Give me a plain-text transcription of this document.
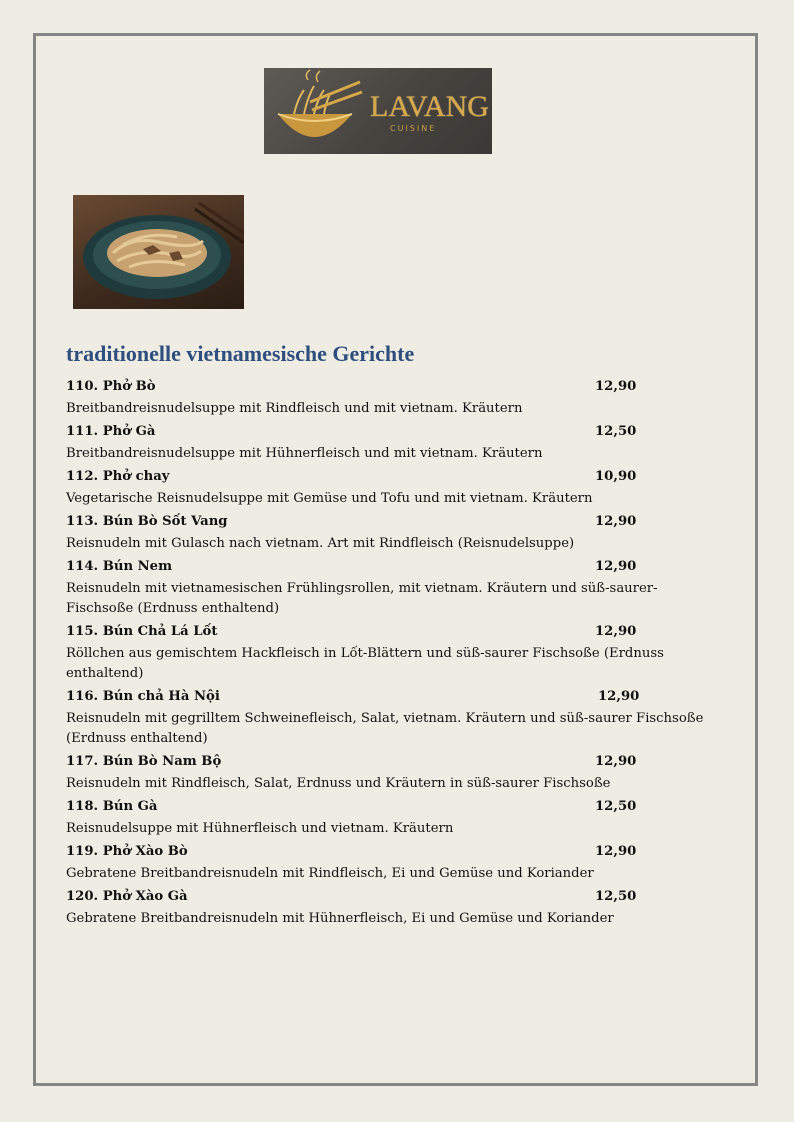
LAVANG
CUISINE
traditionelle vietnamesische Gerichte
110. Phở Bò	12,90
Breitbandreisnudelsuppe mit Rindfleisch und mit vietnam. Kräutern
111. Phở Gà	12,50
Breitbandreisnudelsuppe mit Hühnerfleisch und mit vietnam. Kräutern
112. Phở chay	10,90
Vegetarische Reisnudelsuppe mit Gemüse und Tofu und mit vietnam. Kräutern
113. Bún Bò Sốt Vang	12,90
Reisnudeln mit Gulasch nach vietnam. Art mit Rindfleisch (Reisnudelsuppe)
114. Bún Nem	12,90
Reisnudeln mit vietnamesischen Frühlingsrollen, mit vietnam. Kräutern und süß-saurer-Fischsoße (Erdnuss enthaltend)
115. Bún Chả Lá Lốt	12,90
Röllchen aus gemischtem Hackfleisch in Lốt-Blättern und süß-saurer Fischsoße (Erdnuss enthaltend)
116. Bún chả Hà Nội	12,90
Reisnudeln mit gegrilltem Schweinefleisch, Salat, vietnam. Kräutern und süß-saurer Fischsoße (Erdnuss enthaltend)
117. Bún Bò Nam Bộ	12,90
Reisnudeln mit Rindfleisch, Salat, Erdnuss und Kräutern in süß-saurer Fischsoße
118. Bún Gà	12,50
Reisnudelsuppe mit Hühnerfleisch und vietnam. Kräutern
119. Phở Xào Bò	12,90
Gebratene Breitbandreisnudeln mit Rindfleisch, Ei und Gemüse und Koriander
120. Phở Xào Gà	12,50
Gebratene Breitbandreisnudeln mit Hühnerfleisch, Ei und Gemüse und Koriander
